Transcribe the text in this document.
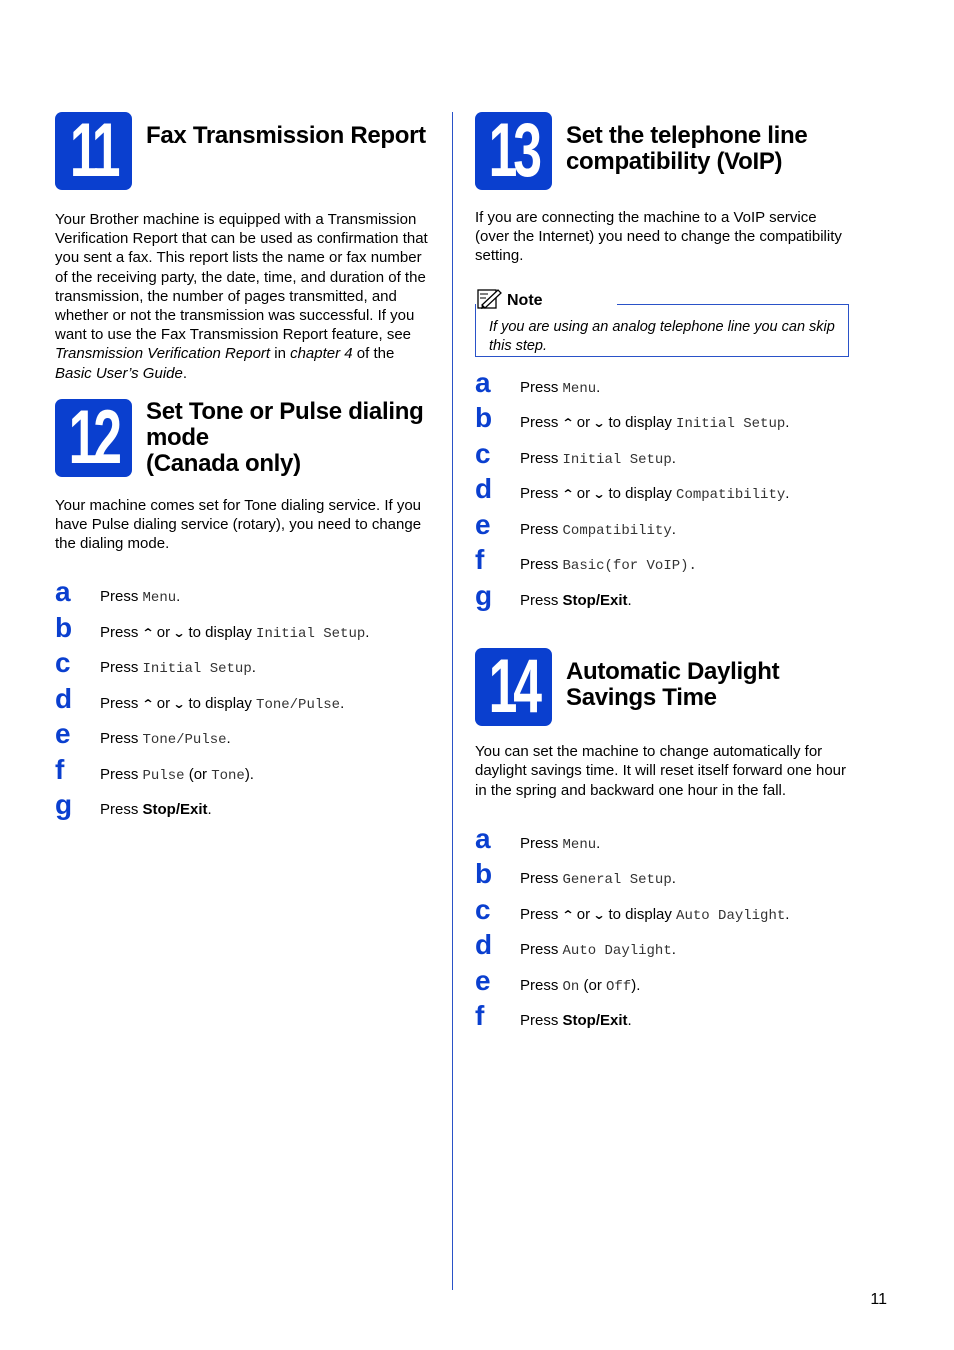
11	Fax Transmission Report
Your Brother machine is equipped with a Transmission Verification Report that can be used as confirmation that you sent a fax. This report lists the name or fax number of the receiving party, the date, time, and duration of the transmission, the number of pages transmitted, and whether or not the transmission was successful. If you want to use the Fax Transmission Report feature, see Transmission Verification Report in chapter 4 of the Basic User’s Guide.
12	Set Tone or Pulse dialing
mode
(Canada only)
Your machine comes set for Tone dialing service. If you have Pulse dialing service (rotary), you need to change the dialing mode.
a Press Menu.
b Press ⌃ or ⌄ to display Initial Setup.
c Press Initial Setup.
d Press ⌃ or ⌄ to display Tone/Pulse.
e Press Tone/Pulse.
f Press Pulse (or Tone).
g Press Stop/Exit.
13	Set the telephone line
compatibility (VoIP)
If you are connecting the machine to a VoIP service (over the Internet) you need to change the compatibility setting.
Note
If you are using an analog telephone line you can skip this step.
a Press Menu.
b Press ⌃ or ⌄ to display Initial Setup.
c Press Initial Setup.
d Press ⌃ or ⌄ to display Compatibility.
e Press Compatibility.
f Press Basic(for VoIP).
g Press Stop/Exit.
14	Automatic Daylight
Savings Time
You can set the machine to change automatically for daylight savings time. It will reset itself forward one hour in the spring and backward one hour in the fall.
a Press Menu.
b Press General Setup.
c Press ⌃ or ⌄ to display Auto Daylight.
d Press Auto Daylight.
e Press On (or Off).
f Press Stop/Exit.
11
